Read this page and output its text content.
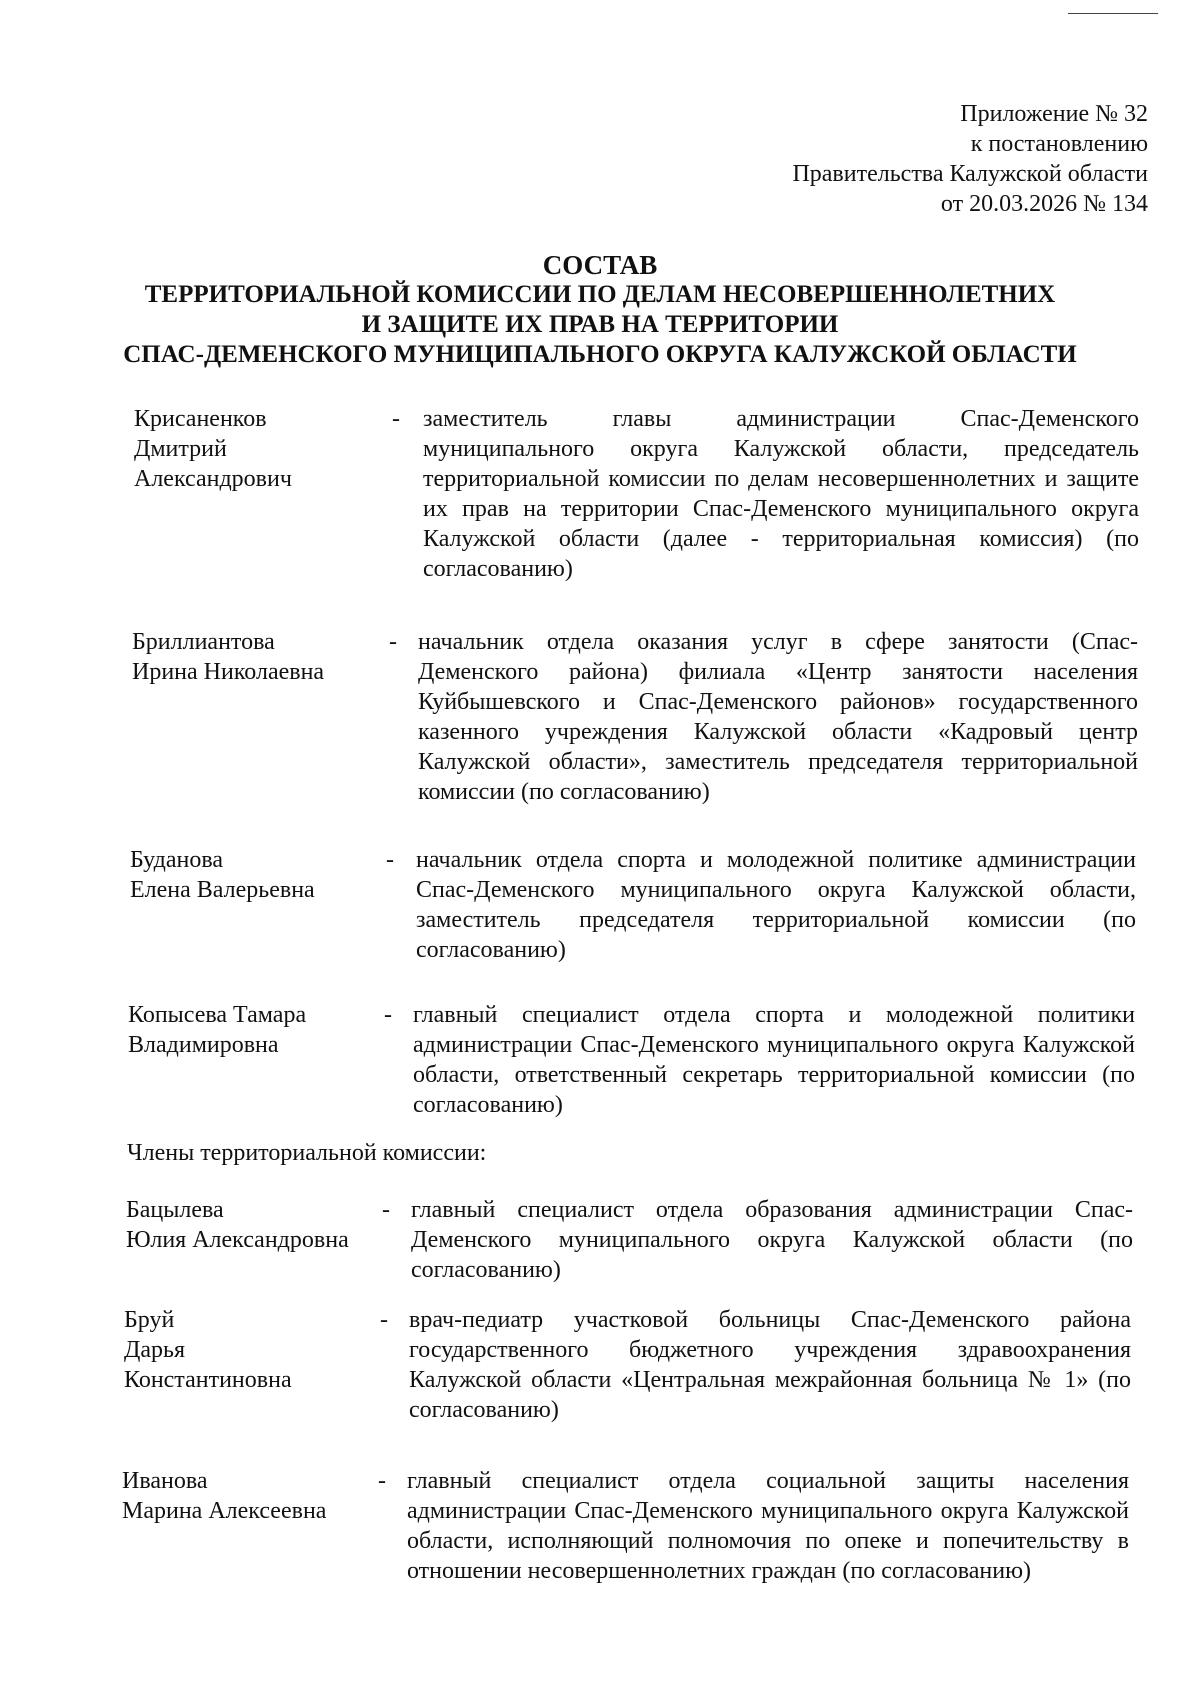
Приложение № 32
к постановлению
Правительства Калужской области
от 20.03.2026 № 134
СОСТАВ
ТЕРРИТОРИАЛЬНОЙ КОМИССИИ ПО ДЕЛАМ НЕСОВЕРШЕННОЛЕТНИХ
И ЗАЩИТЕ ИХ ПРАВ НА ТЕРРИТОРИИ
СПАС-ДЕМЕНСКОГО МУНИЦИПАЛЬНОГО ОКРУГА КАЛУЖСКОЙ ОБЛАСТИ
Крисаненков
Дмитрий
Александрович
- заместитель главы администрации Спас-Деменского муниципального округа Калужской области, председатель территориальной комиссии по делам несовершеннолетних и защите их прав на территории Спас-Деменского муниципального округа Калужской области (далее - территориальная комиссия) (по согласованию)
Бриллиантова
Ирина Николаевна
- начальник отдела оказания услуг в сфере занятости (Спас-Деменского района) филиала «Центр занятости населения Куйбышевского и Спас-Деменского районов» государственного казенного учреждения Калужской области «Кадровый центр Калужской области», заместитель председателя территориальной комиссии (по согласованию)
Буданова
Елена Валерьевна
- начальник отдела спорта и молодежной политике администрации Спас-Деменского муниципального округа Калужской области, заместитель председателя территориальной комиссии (по согласованию)
Копысева Тамара
Владимировна
- главный специалист отдела спорта и молодежной политики администрации Спас-Деменского муниципального округа Калужской области, ответственный секретарь территориальной комиссии (по согласованию)
Члены территориальной комиссии:
Бацылева
Юлия Александровна
- главный специалист отдела образования администрации Спас-Деменского муниципального округа Калужской области (по согласованию)
Бруй
Дарья
Константиновна
- врач-педиатр участковой больницы Спас-Деменского района государственного бюджетного учреждения здравоохранения Калужской области «Центральная межрайонная больница № 1» (по согласованию)
Иванова
Марина Алексеевна
- главный специалист отдела социальной защиты населения администрации Спас-Деменского муниципального округа Калужской области, исполняющий полномочия по опеке и попечительству в отношении несовершеннолетних граждан (по согласованию)
